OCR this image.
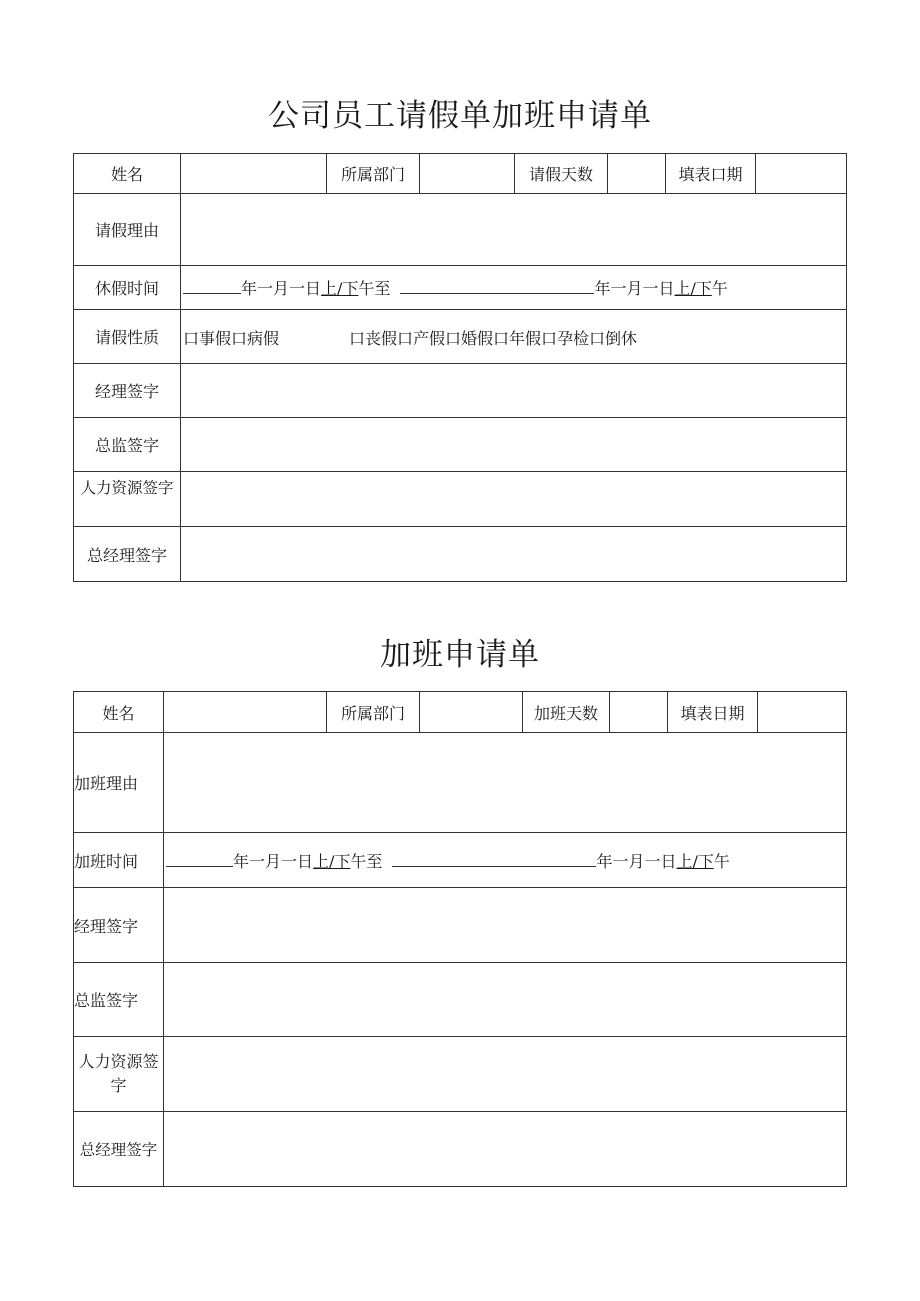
公司员工请假单加班申请单
姓名		所属部门		请假天数		填表口期	
请假理由							
休假时间	年一月一日上/下午至 年一月一日上/下午						
请假性质	口事假口病假 口丧假口产假口婚假口年假口孕检口倒休						
经理签字							
总监签字							
人力资源签字							
总经理签字							
加班申请单
姓名		所属部门		加班天数		填表日期	
加班理由							
加班时间	年一月一日上/下午至 年一月一日上/下午						
经理签字							
总监签字							
人力资源签字							
总经理签字							
